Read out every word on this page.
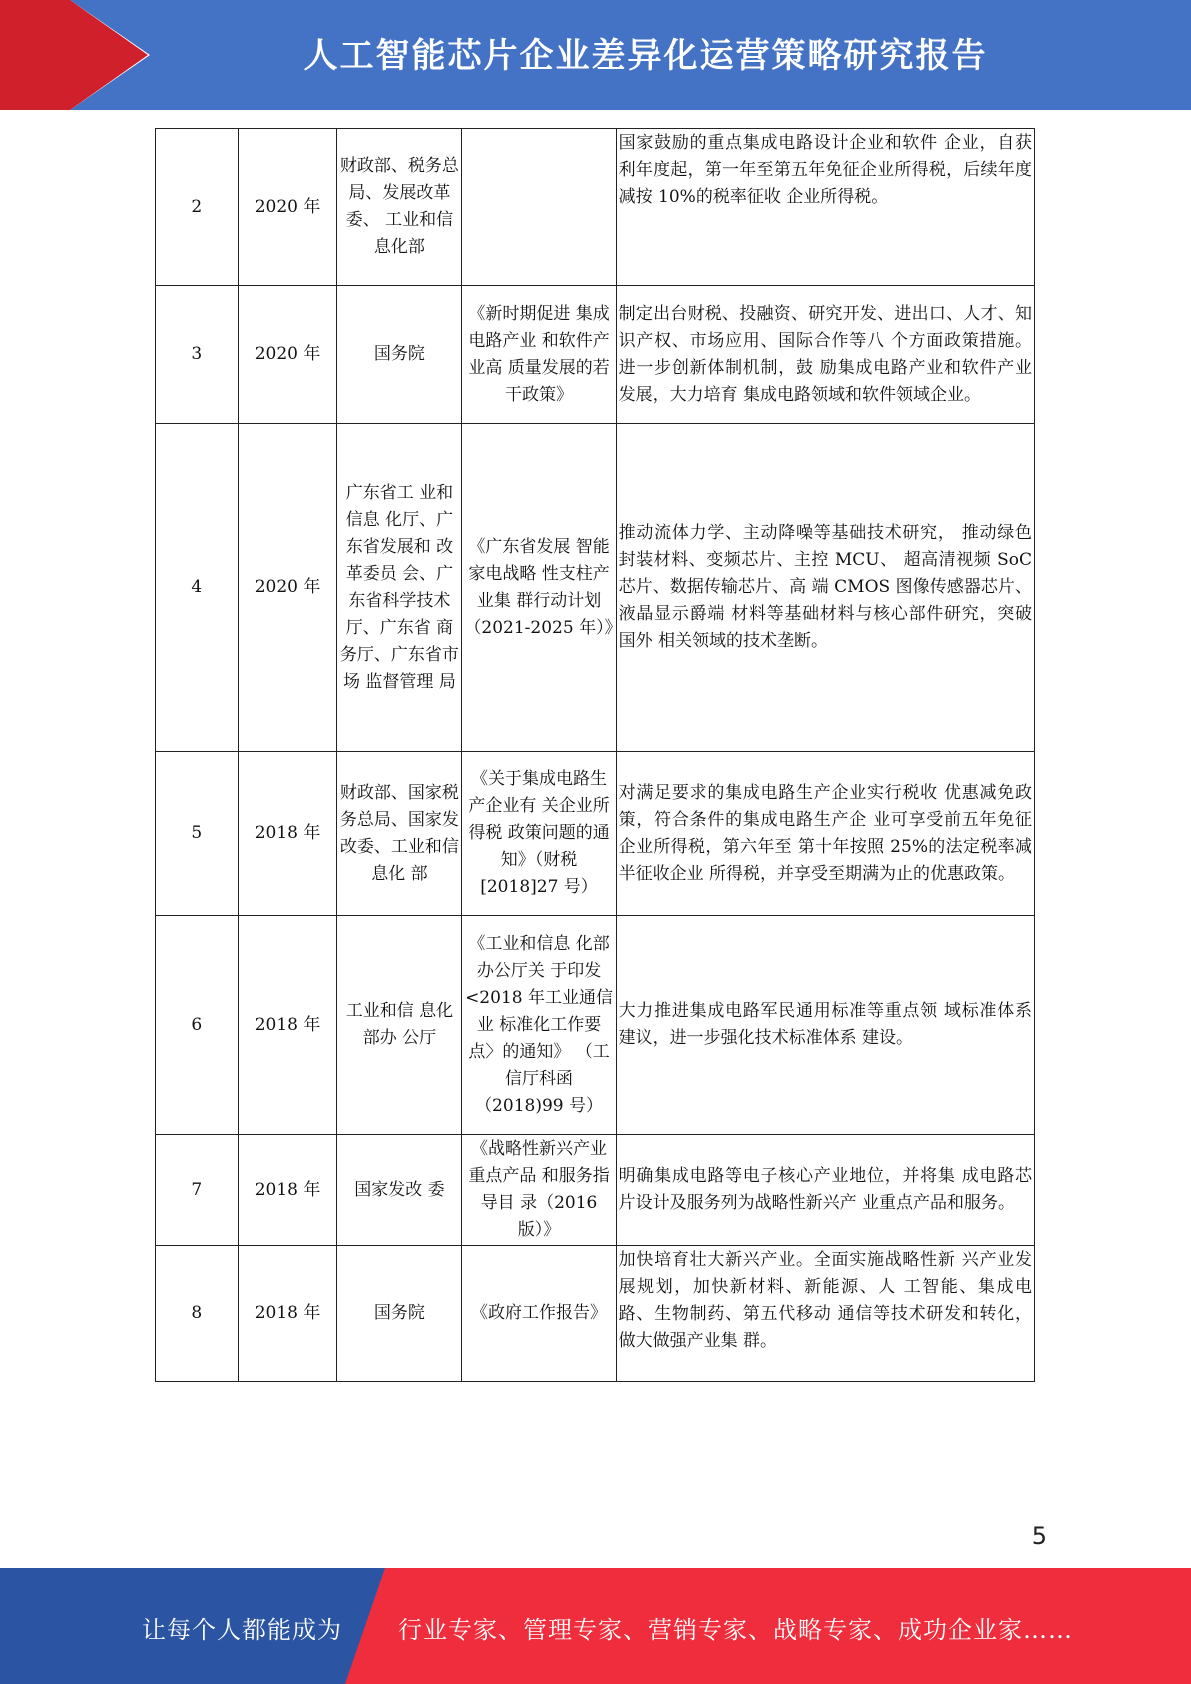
人工智能芯片企业差异化运营策略研究报告
2	2020 年	财政部、税务总局、发展改革委、 工业和信 息化部		国家鼓励的重点集成电路设计企业和软件 企业，自获利年度起，第一年至第五年免征企业所得税，后续年度减按 10%的税率征收 企业所得税。
3	2020 年	国务院	《新时期促进 集成电路产业 和软件产业高 质量发展的若 干政策》	制定出台财税、投融资、研究开发、进出口、人才、知识产权、市场应用、国际合作等八 个方面政策措施。进一步创新体制机制，鼓 励集成电路产业和软件产业发展，大力培育 集成电路领域和软件领域企业。
4	2020 年	广东省工 业和信息 化厅、广东省发展和 改革委员 会、广东省科学技术 厅、广东省 商务厅、广东省市场 监督管理 局	《广东省发展 智能家电战略 性支柱产业集 群行动计划（2021-2025 年）》	推动流体力学、主动降噪等基础技术研究， 推动绿色封装材料、变频芯片、主控 MCU、 超高清视频 SoC 芯片、数据传输芯片、高 端 CMOS 图像传感器芯片、液晶显示爵端 材料等基础材料与核心部件研究，突破国外 相关领域的技术垄断。
5	2018 年	财政部、国家税务总局、国家发改委、工业和信息化 部	《关于集成电路生产企业有 关企业所得税 政策问题的通 知》（财税[2018]27 号）	对满足要求的集成电路生产企业实行税收 优惠减免政策，符合条件的集成电路生产企 业可享受前五年免征企业所得税，第六年至 第十年按照 25%的法定税率减半征收企业 所得税，并享受至期满为止的优惠政策。
6	2018 年	工业和信 息化部办 公厅	《工业和信息 化部办公厅关 于印发<2018 年工业通信业 标准化工作要 点〉的通知》 （工信厅科函 （2018)99 号）	大力推进集成电路军民通用标准等重点领 域标准体系建议，进一步强化技术标准体系 建设。
7	2018 年	国家发改 委	《战略性新兴产业重点产品 和服务指导目 录（2016 版）》	明确集成电路等电子核心产业地位，并将集 成电路芯片设计及服务列为战略性新兴产 业重点产品和服务。
8	2018 年	国务院	《政府工作报告》	加快培育壮大新兴产业。全面实施战略性新 兴产业发展规划，加快新材料、新能源、人 工智能、集成电路、生物制药、第五代移动 通信等技术研发和转化，做大做强产业集 群。
5
让每个人都能成为 行业专家、管理专家、营销专家、战略专家、成功企业家……
